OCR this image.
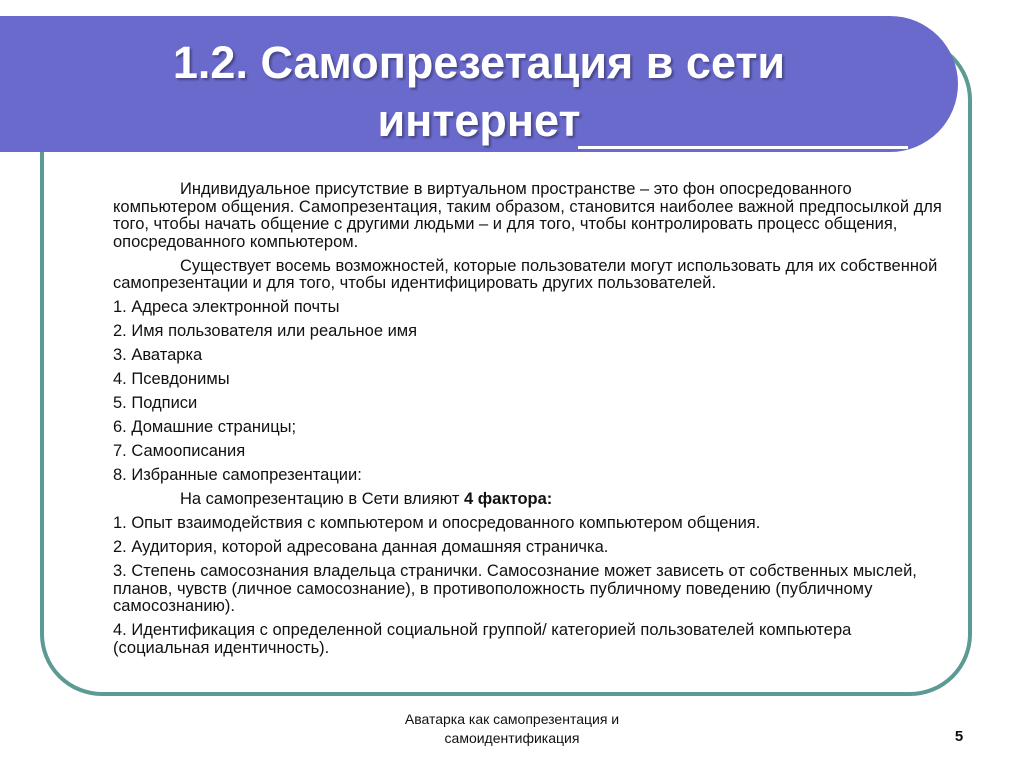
1.2. Самопрезетация в сети
интернет

Индивидуальное присутствие в виртуальном пространстве – это фон опосредованного компьютером общения. Самопрезентация, таким образом, становится наиболее важной предпосылкой для того, чтобы начать общение с другими людьми – и для того, чтобы контролировать процесс общения, опосредованного компьютером.

Существует восемь возможностей, которые пользователи могут использовать для их собственной самопрезентации и для того, чтобы идентифицировать других пользователей.

1. Адреса электронной почты
2. Имя пользователя или реальное имя
3. Аватарка
4. Псевдонимы
5. Подписи
6. Домашние страницы;
7. Самоописания
8. Избранные самопрезентации:

На самопрезентацию в Сети влияют 4 фактора:

1. Опыт взаимодействия с компьютером и опосредованного компьютером общения.
2. Аудитория, которой адресована данная домашняя страничка.
3. Степень самосознания владельца странички. Самосознание может зависеть от собственных мыслей, планов, чувств (личное самосознание), в противоположность публичному поведению (публичному самосознанию).
4. Идентификация с определенной социальной группой/ категорией пользователей компьютера (социальная идентичность).
Аватарка как самопрезентация и
самоидентификация	5
